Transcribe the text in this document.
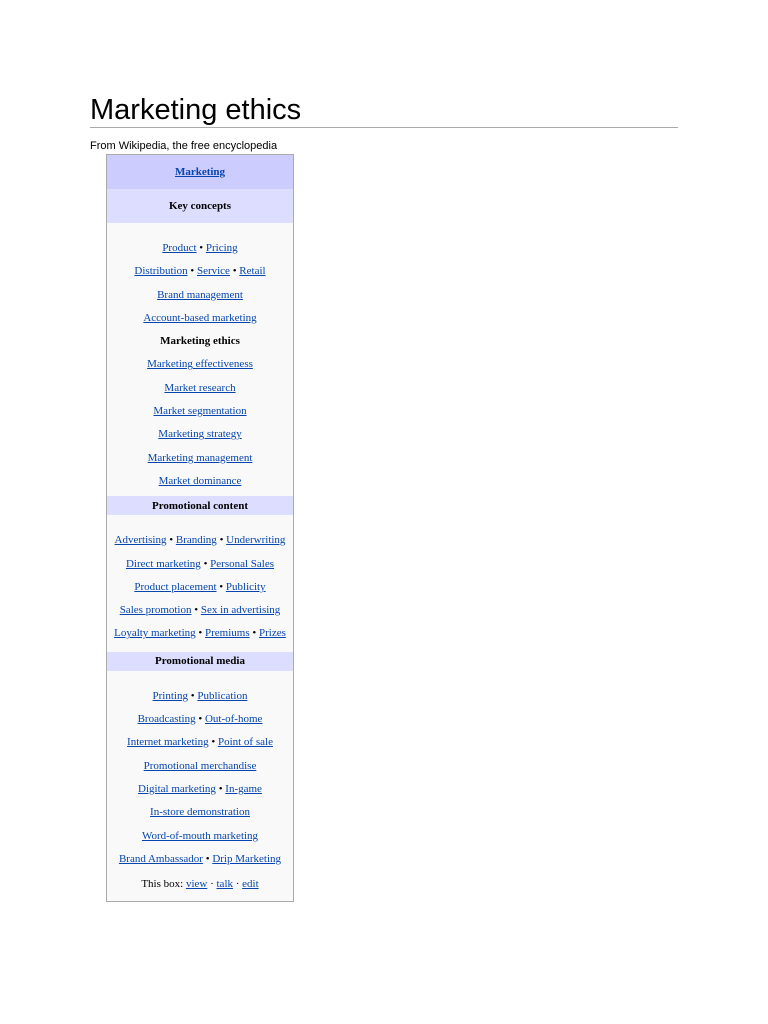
Marketing ethics
From Wikipedia, the free encyclopedia
Marketing
Key concepts
Product • Pricing
Distribution • Service • Retail
Brand management
Account-based marketing
Marketing ethics
Marketing effectiveness
Market research
Market segmentation
Marketing strategy
Marketing management
Market dominance
Promotional content
Advertising • Branding • Underwriting
Direct marketing • Personal Sales
Product placement • Publicity
Sales promotion • Sex in advertising
Loyalty marketing • Premiums • Prizes
Promotional media
Printing • Publication
Broadcasting • Out-of-home
Internet marketing • Point of sale
Promotional merchandise
Digital marketing • In-game
In-store demonstration
Word-of-mouth marketing
Brand Ambassador • Drip Marketing
This box: view · talk · edit
